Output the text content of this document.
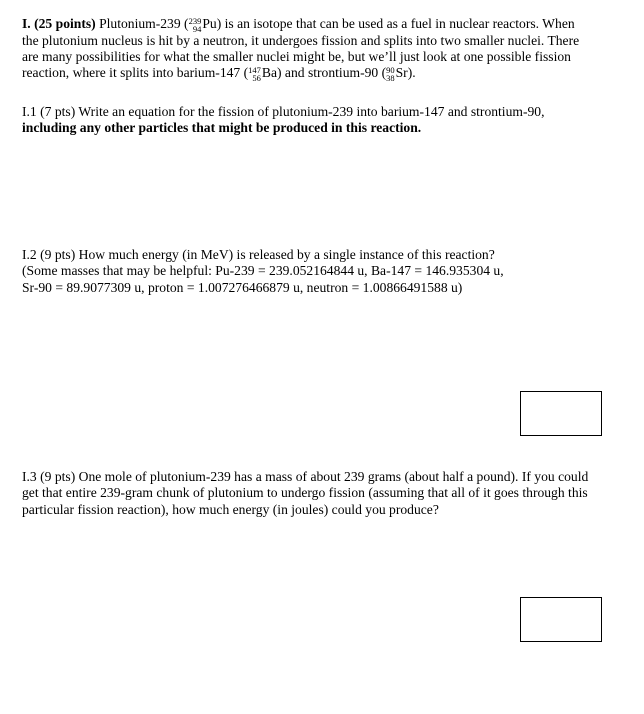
I. (25 points) Plutonium-239 ( 239
94 Pu) is an isotope that can be used as a fuel in nuclear reactors. When
the plutonium nucleus is hit by a neutron, it undergoes fission and splits into two smaller nuclei. There
are many possibilities for what the smaller nuclei might be, but we’ll just look at one possible fission
reaction, where it splits into barium-147 ( 147
56 Ba) and strontium-90 ( 90
38 Sr).
I.1 (7 pts) Write an equation for the fission of plutonium-239 into barium-147 and strontium-90,
including any other particles that might be produced in this reaction.
I.2 (9 pts) How much energy (in MeV) is released by a single instance of this reaction?
(Some masses that may be helpful: Pu-239 = 239.052164844 u, Ba-147 = 146.935304 u,
Sr-90 = 89.9077309 u, proton = 1.007276466879 u, neutron = 1.00866491588 u)
I.3 (9 pts) One mole of plutonium-239 has a mass of about 239 grams (about half a pound). If you could
get that entire 239-gram chunk of plutonium to undergo fission (assuming that all of it goes through this
particular fission reaction), how much energy (in joules) could you produce?
